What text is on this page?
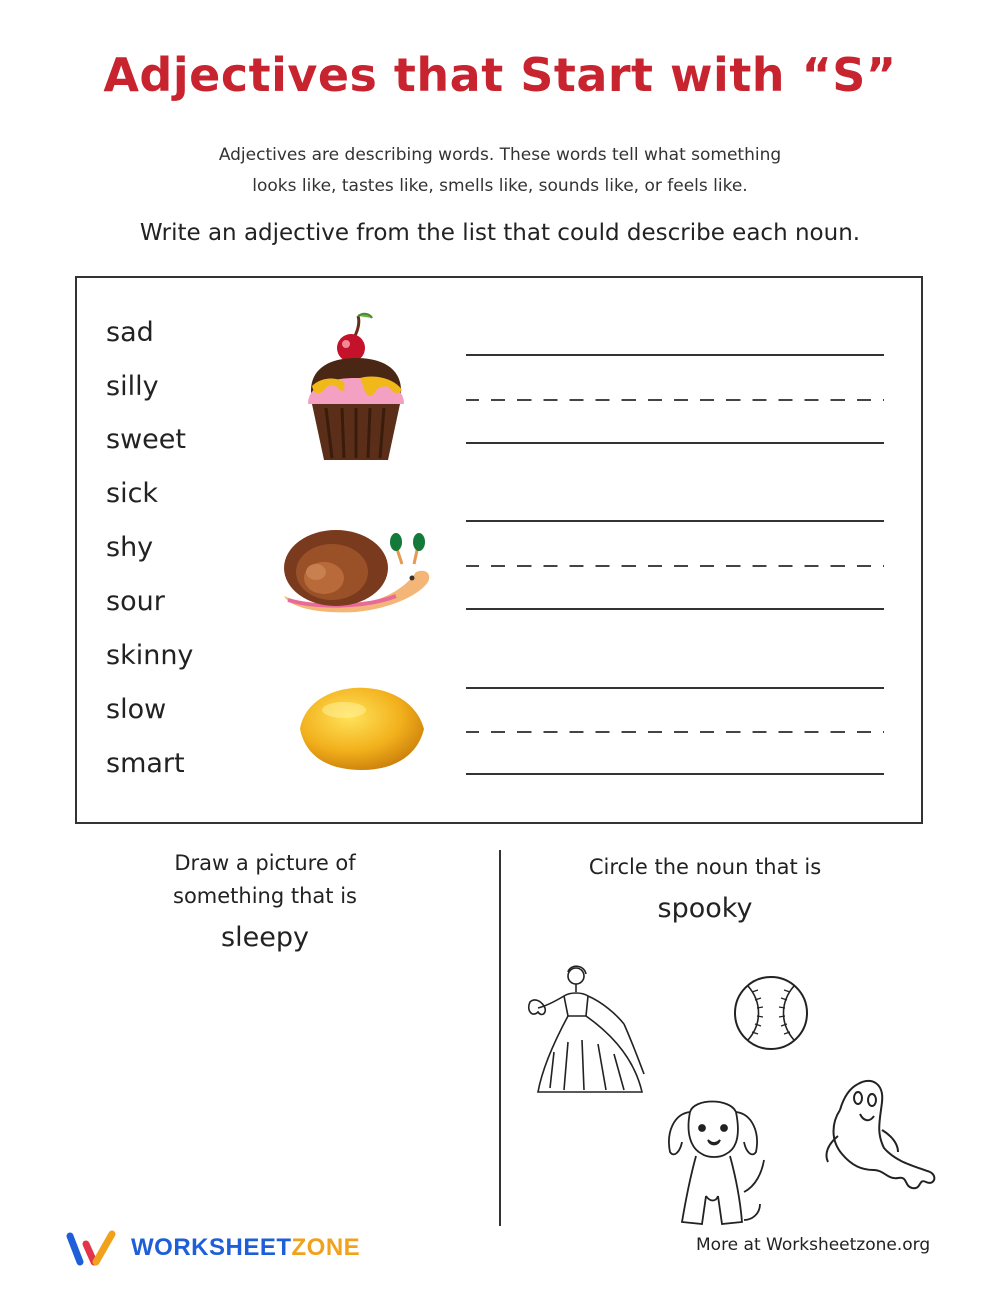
Adjectives that Start with “S”
Adjectives are describing words. These words tell what something
looks like, tastes like, smells like, sounds like, or feels like.
Write an adjective from the list that could describe each noun.
sad
silly
sweet
sick
shy
sour
skinny
slow
smart
Draw a picture of
something that is
sleepy
Circle the noun that is
spooky
WORKSHEETZONE	More at Worksheetzone.org
